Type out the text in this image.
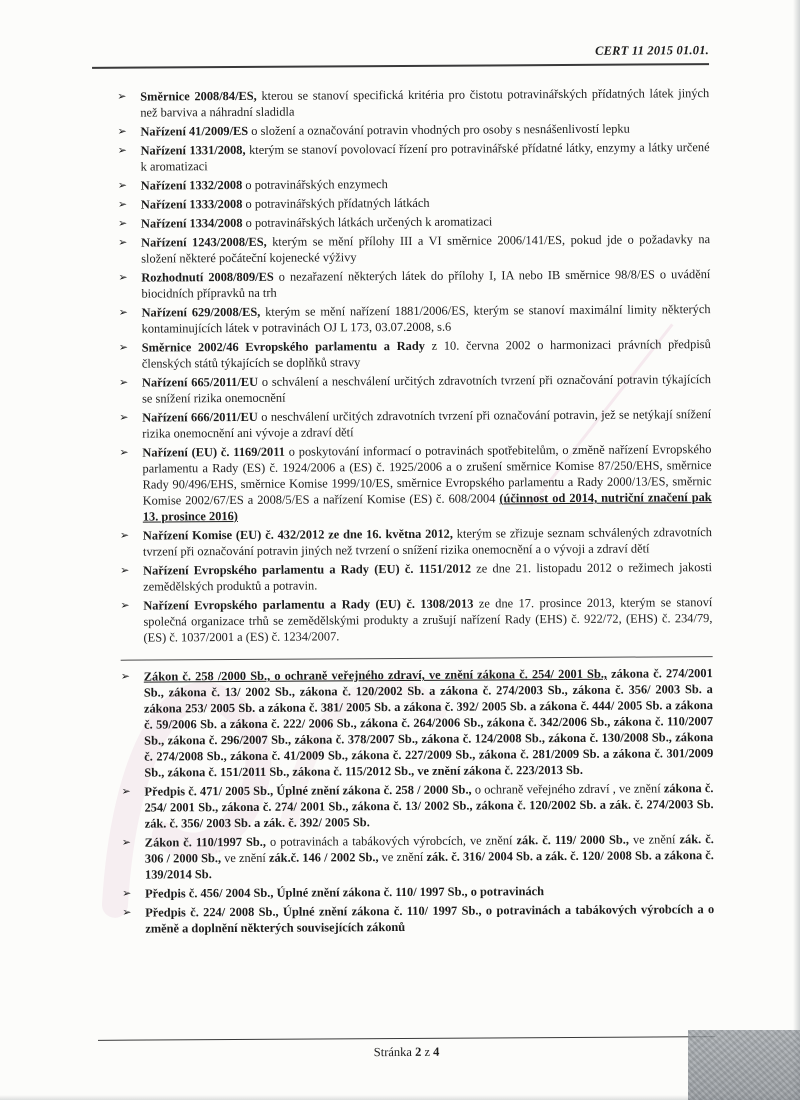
CERT 11 2015 01.01.
➢ Směrnice 2008/84/ES, kterou se stanoví specifická kritéria pro čistotu potravinářských přídatných látek jiných než barviva a náhradní sladidla
➢ Nařízení 41/2009/ES o složení a označování potravin vhodných pro osoby s nesnášenlivostí lepku
➢ Nařízení 1331/2008, kterým se stanoví povolovací řízení pro potravinářské přídatné látky, enzymy a látky určené k aromatizaci
➢ Nařízení 1332/2008 o potravinářských enzymech
➢ Nařízení 1333/2008 o potravinářských přídatných látkách
➢ Nařízení 1334/2008 o potravinářských látkách určených k aromatizaci
➢ Nařízení 1243/2008/ES, kterým se mění přílohy III a VI směrnice 2006/141/ES, pokud jde o požadavky na složení některé počáteční kojenecké výživy
➢ Rozhodnutí 2008/809/ES o nezařazení některých látek do přílohy I, IA nebo IB směrnice 98/8/ES o uvádění biocidních přípravků na trh
➢ Nařízení 629/2008/ES, kterým se mění nařízení 1881/2006/ES, kterým se stanoví maximální limity některých kontaminujících látek v potravinách OJ L 173, 03.07.2008, s.6
➢ Směrnice 2002/46 Evropského parlamentu a Rady z 10. června 2002 o harmonizaci právních předpisů členských států týkajících se doplňků stravy
➢ Nařízení 665/2011/EU o schválení a neschválení určitých zdravotních tvrzení při označování potravin týkajících se snížení rizika onemocnění
➢ Nařízení 666/2011/EU o neschválení určitých zdravotních tvrzení při označování potravin, jež se netýkají snížení rizika onemocnění ani vývoje a zdraví dětí
➢ Nařízení (EU) č. 1169/2011 o poskytování informací o potravinách spotřebitelům, o změně nařízení Evropského parlamentu a Rady (ES) č. 1924/2006 a (ES) č. 1925/2006 a o zrušení směrnice Komise 87/250/EHS, směrnice Rady 90/496/EHS, směrnice Komise 1999/10/ES, směrnice Evropského parlamentu a Rady 2000/13/ES, směrnic Komise 2002/67/ES a 2008/5/ES a nařízení Komise (ES) č. 608/2004 (účinnost od 2014, nutriční značení pak 13. prosince 2016)
➢ Nařízení Komise (EU) č. 432/2012 ze dne 16. května 2012, kterým se zřizuje seznam schválených zdravotních tvrzení při označování potravin jiných než tvrzení o snížení rizika onemocnění a o vývoji a zdraví dětí
➢ Nařízení Evropského parlamentu a Rady (EU) č. 1151/2012 ze dne 21. listopadu 2012 o režimech jakosti zemědělských produktů a potravin.
➢ Nařízení Evropského parlamentu a Rady (EU) č. 1308/2013 ze dne 17. prosince 2013, kterým se stanoví společná organizace trhů se zemědělskými produkty a zrušují nařízení Rady (EHS) č. 922/72, (EHS) č. 234/79, (ES) č. 1037/2001 a (ES) č. 1234/2007.
➢ Zákon č. 258 /2000 Sb., o ochraně veřejného zdraví, ve znění zákona č. 254/ 2001 Sb., zákona č. 274/2001 Sb., zákona č. 13/ 2002 Sb., zákona č. 120/2002 Sb. a zákona č. 274/2003 Sb., zákona č. 356/ 2003 Sb. a zákona 253/ 2005 Sb. a zákona č. 381/ 2005 Sb. a zákona č. 392/ 2005 Sb. a zákona č. 444/ 2005 Sb. a zákona č. 59/2006 Sb. a zákona č. 222/ 2006 Sb., zákona č. 264/2006 Sb., zákona č. 342/2006 Sb., zákona č. 110/2007 Sb., zákona č. 296/2007 Sb., zákona č. 378/2007 Sb., zákona č. 124/2008 Sb., zákona č. 130/2008 Sb., zákona č. 274/2008 Sb., zákona č. 41/2009 Sb., zákona č. 227/2009 Sb., zákona č. 281/2009 Sb. a zákona č. 301/2009 Sb., zákona č. 151/2011 Sb., zákona č. 115/2012 Sb., ve znění zákona č. 223/2013 Sb.
➢ Předpis č. 471/ 2005 Sb., Úplné znění zákona č. 258 / 2000 Sb., o ochraně veřejného zdraví , ve znění zákona č. 254/ 2001 Sb., zákona č. 274/ 2001 Sb., zákona č. 13/ 2002 Sb., zákona č. 120/2002 Sb. a zák. č. 274/2003 Sb. zák. č. 356/ 2003 Sb. a zák. č. 392/ 2005 Sb.
➢ Zákon č. 110/1997 Sb., o potravinách a tabákových výrobcích, ve znění zák. č. 119/ 2000 Sb., ve znění zák. č. 306 / 2000 Sb., ve znění zák.č. 146 / 2002 Sb., ve znění zák. č. 316/ 2004 Sb. a zák. č. 120/ 2008 Sb. a zákona č. 139/2014 Sb.
➢ Předpis č. 456/ 2004 Sb., Úplné znění zákona č. 110/ 1997 Sb., o potravinách
➢ Předpis č. 224/ 2008 Sb., Úplné znění zákona č. 110/ 1997 Sb., o potravinách a tabákových výrobcích a o změně a doplnění některých souvisejících zákonů
Stránka 2 z 4
